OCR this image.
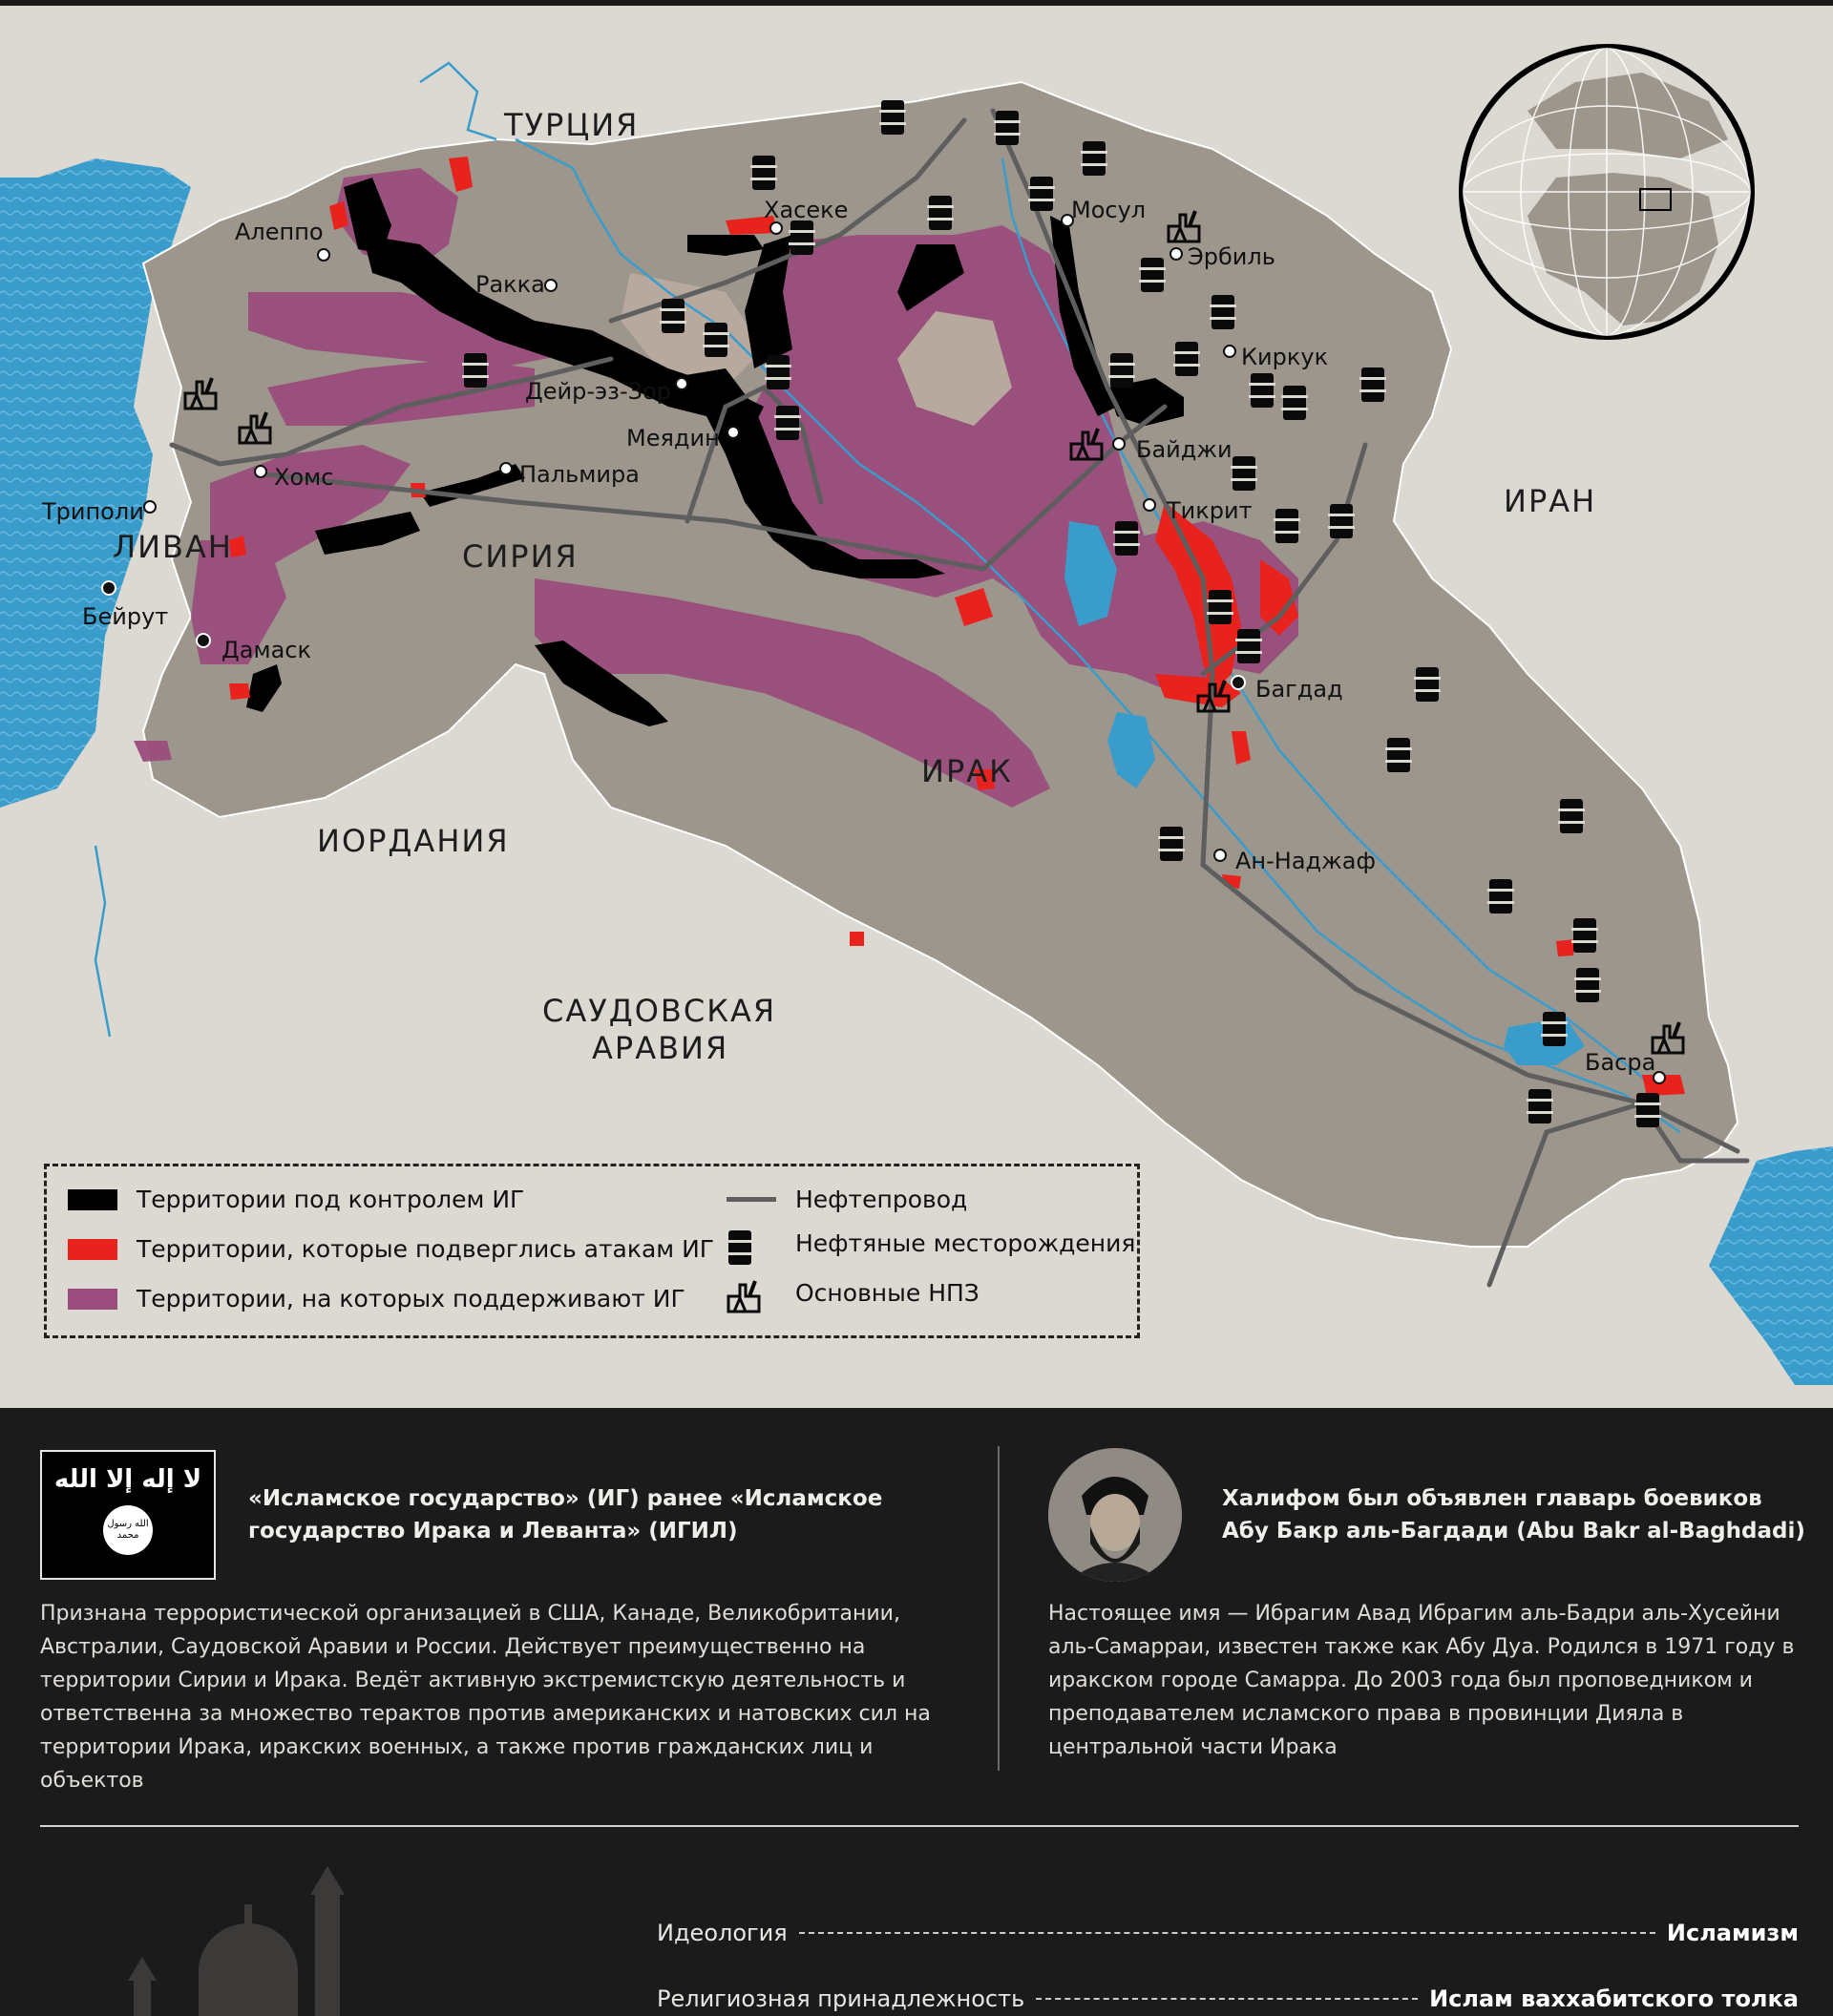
ТУРЦИЯ
СИРИЯ
ЛИВАН
ИРАК
ИРАН
ИОРДАНИЯ
САУДОВСКАЯ
АРАВИЯ
Алеппо
Ракка
Хасеке	Мосул
Эрбиль
Киркук
Дейр-эз-Зор
Меядин
Хомс	Пальмира
Триполи
Бейрут
Дамаск
Байджи
Тикрит
Багдад
Ан-Наджаф
Басра
Территории под контролем ИГ
Территории, которые подверглись атакам ИГ
Территории, на которых поддерживают ИГ
Нефтепровод
Нефтяные месторождения
Основные НПЗ
لا إله إلا الله
الله رسول محمد
«Исламское государство» (ИГ) ранее «Исламское государство Ирака и Леванта» (ИГИЛ)
Признана террористической организацией в США, Канаде, Великобритании, Австралии, Саудовской Аравии и России. Действует преимущественно на территории Сирии и Ирака. Ведёт активную экстремистскую деятельность и ответственна за множество терактов против американских и натовских сил на территории Ирака, иракских военных, а также против гражданских лиц и объектов
Халифом был объявлен главарь боевиков Абу Бакр аль-Багдади (Abu Bakr al-Baghdadi)
Настоящее имя — Ибрагим Авад Ибрагим аль-Бадри аль-Хусейни аль-Самарраи, известен также как Абу Дуа. Родился в 1971 году в иракском городе Самарра. До 2003 года был проповедником и преподавателем исламского права в провинции Дияла в центральной части Ирака
Идеология	Исламизм
Религиозная принадлежность	Ислам ваххабитского толка
